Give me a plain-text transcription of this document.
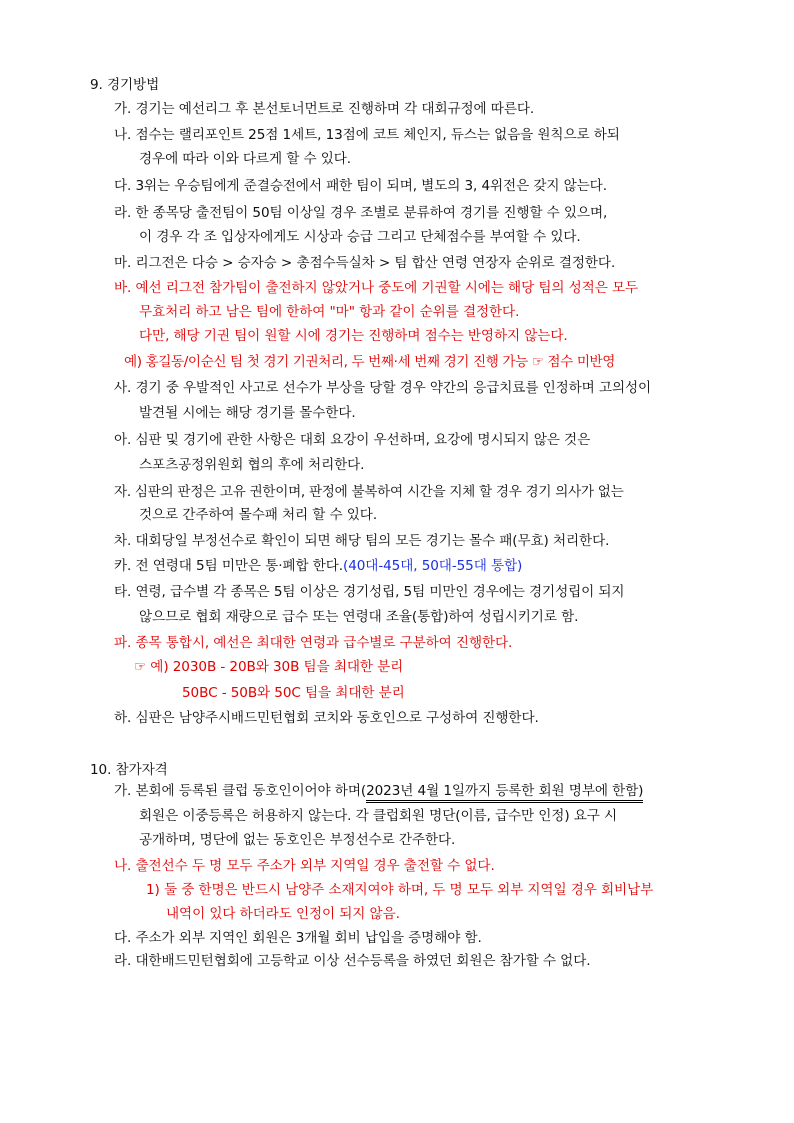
9. 경기방법
가. 경기는 예선리그 후 본선토너먼트로 진행하며 각 대회규정에 따른다.
나. 점수는 랠리포인트 25점 1세트, 13점에 코트 체인지, 듀스는 없음을 원칙으로 하되
경우에 따라 이와 다르게 할 수 있다.
다. 3위는 우승팀에게 준결승전에서 패한 팀이 되며, 별도의 3, 4위전은 갖지 않는다.
라. 한 종목당 출전팀이 50팀 이상일 경우 조별로 분류하여 경기를 진행할 수 있으며,
이 경우 각 조 입상자에게도 시상과 승급 그리고 단체점수를 부여할 수 있다.
마. 리그전은 다승 > 승자승 > 총점수득실차 > 팀 합산 연령 연장자 순위로 결정한다.
바. 예선 리그전 참가팀이 출전하지 않았거나 중도에 기권할 시에는 해당 팀의 성적은 모두
무효처리 하고 남은 팀에 한하여 "마" 항과 같이 순위를 결정한다.
다만, 해당 기권 팀이 원할 시에 경기는 진행하며 점수는 반영하지 않는다.
예) 홍길동/이순신 팀 첫 경기 기권처리, 두 번째·세 번째 경기 진행 가능 ☞ 점수 미반영
사. 경기 중 우발적인 사고로 선수가 부상을 당할 경우 약간의 응급치료를 인정하며 고의성이
발견될 시에는 해당 경기를 몰수한다.
아. 심판 및 경기에 관한 사항은 대회 요강이 우선하며, 요강에 명시되지 않은 것은
스포츠공정위원회 협의 후에 처리한다.
자. 심판의 판정은 고유 권한이며, 판정에 불복하여 시간을 지체 할 경우 경기 의사가 없는
것으로 간주하여 몰수패 처리 할 수 있다.
차. 대회당일 부정선수로 확인이 되면 해당 팀의 모든 경기는 몰수 패(무효) 처리한다.
카. 전 연령대 5팀 미만은 통·폐합 한다.(40대-45대, 50대-55대 통합)
타. 연령, 급수별 각 종목은 5팀 이상은 경기성립, 5팀 미만인 경우에는 경기성립이 되지
않으므로 협회 재량으로 급수 또는 연령대 조율(통합)하여 성립시키기로 함.
파. 종목 통합시, 예선은 최대한 연령과 급수별로 구분하여 진행한다.
☞ 예) 2030B - 20B와 30B 팀을 최대한 분리
50BC - 50B와 50C 팀을 최대한 분리
하. 심판은 남양주시배드민턴협회 코치와 동호인으로 구성하여 진행한다.
10. 참가자격
가. 본회에 등록된 클럽 동호인이어야 하며(2023년 4월 1일까지 등록한 회원 명부에 한함)
회원은 이중등록은 허용하지 않는다. 각 클럽회원 명단(이름, 급수만 인정) 요구 시
공개하며, 명단에 없는 동호인은 부정선수로 간주한다.
나. 출전선수 두 명 모두 주소가 외부 지역일 경우 출전할 수 없다.
1) 둘 중 한명은 반드시 남양주 소재지여야 하며, 두 명 모두 외부 지역일 경우 회비납부
내역이 있다 하더라도 인정이 되지 않음.
다. 주소가 외부 지역인 회원은 3개월 회비 납입을 증명해야 함.
라. 대한배드민턴협회에 고등학교 이상 선수등록을 하였던 회원은 참가할 수 없다.
